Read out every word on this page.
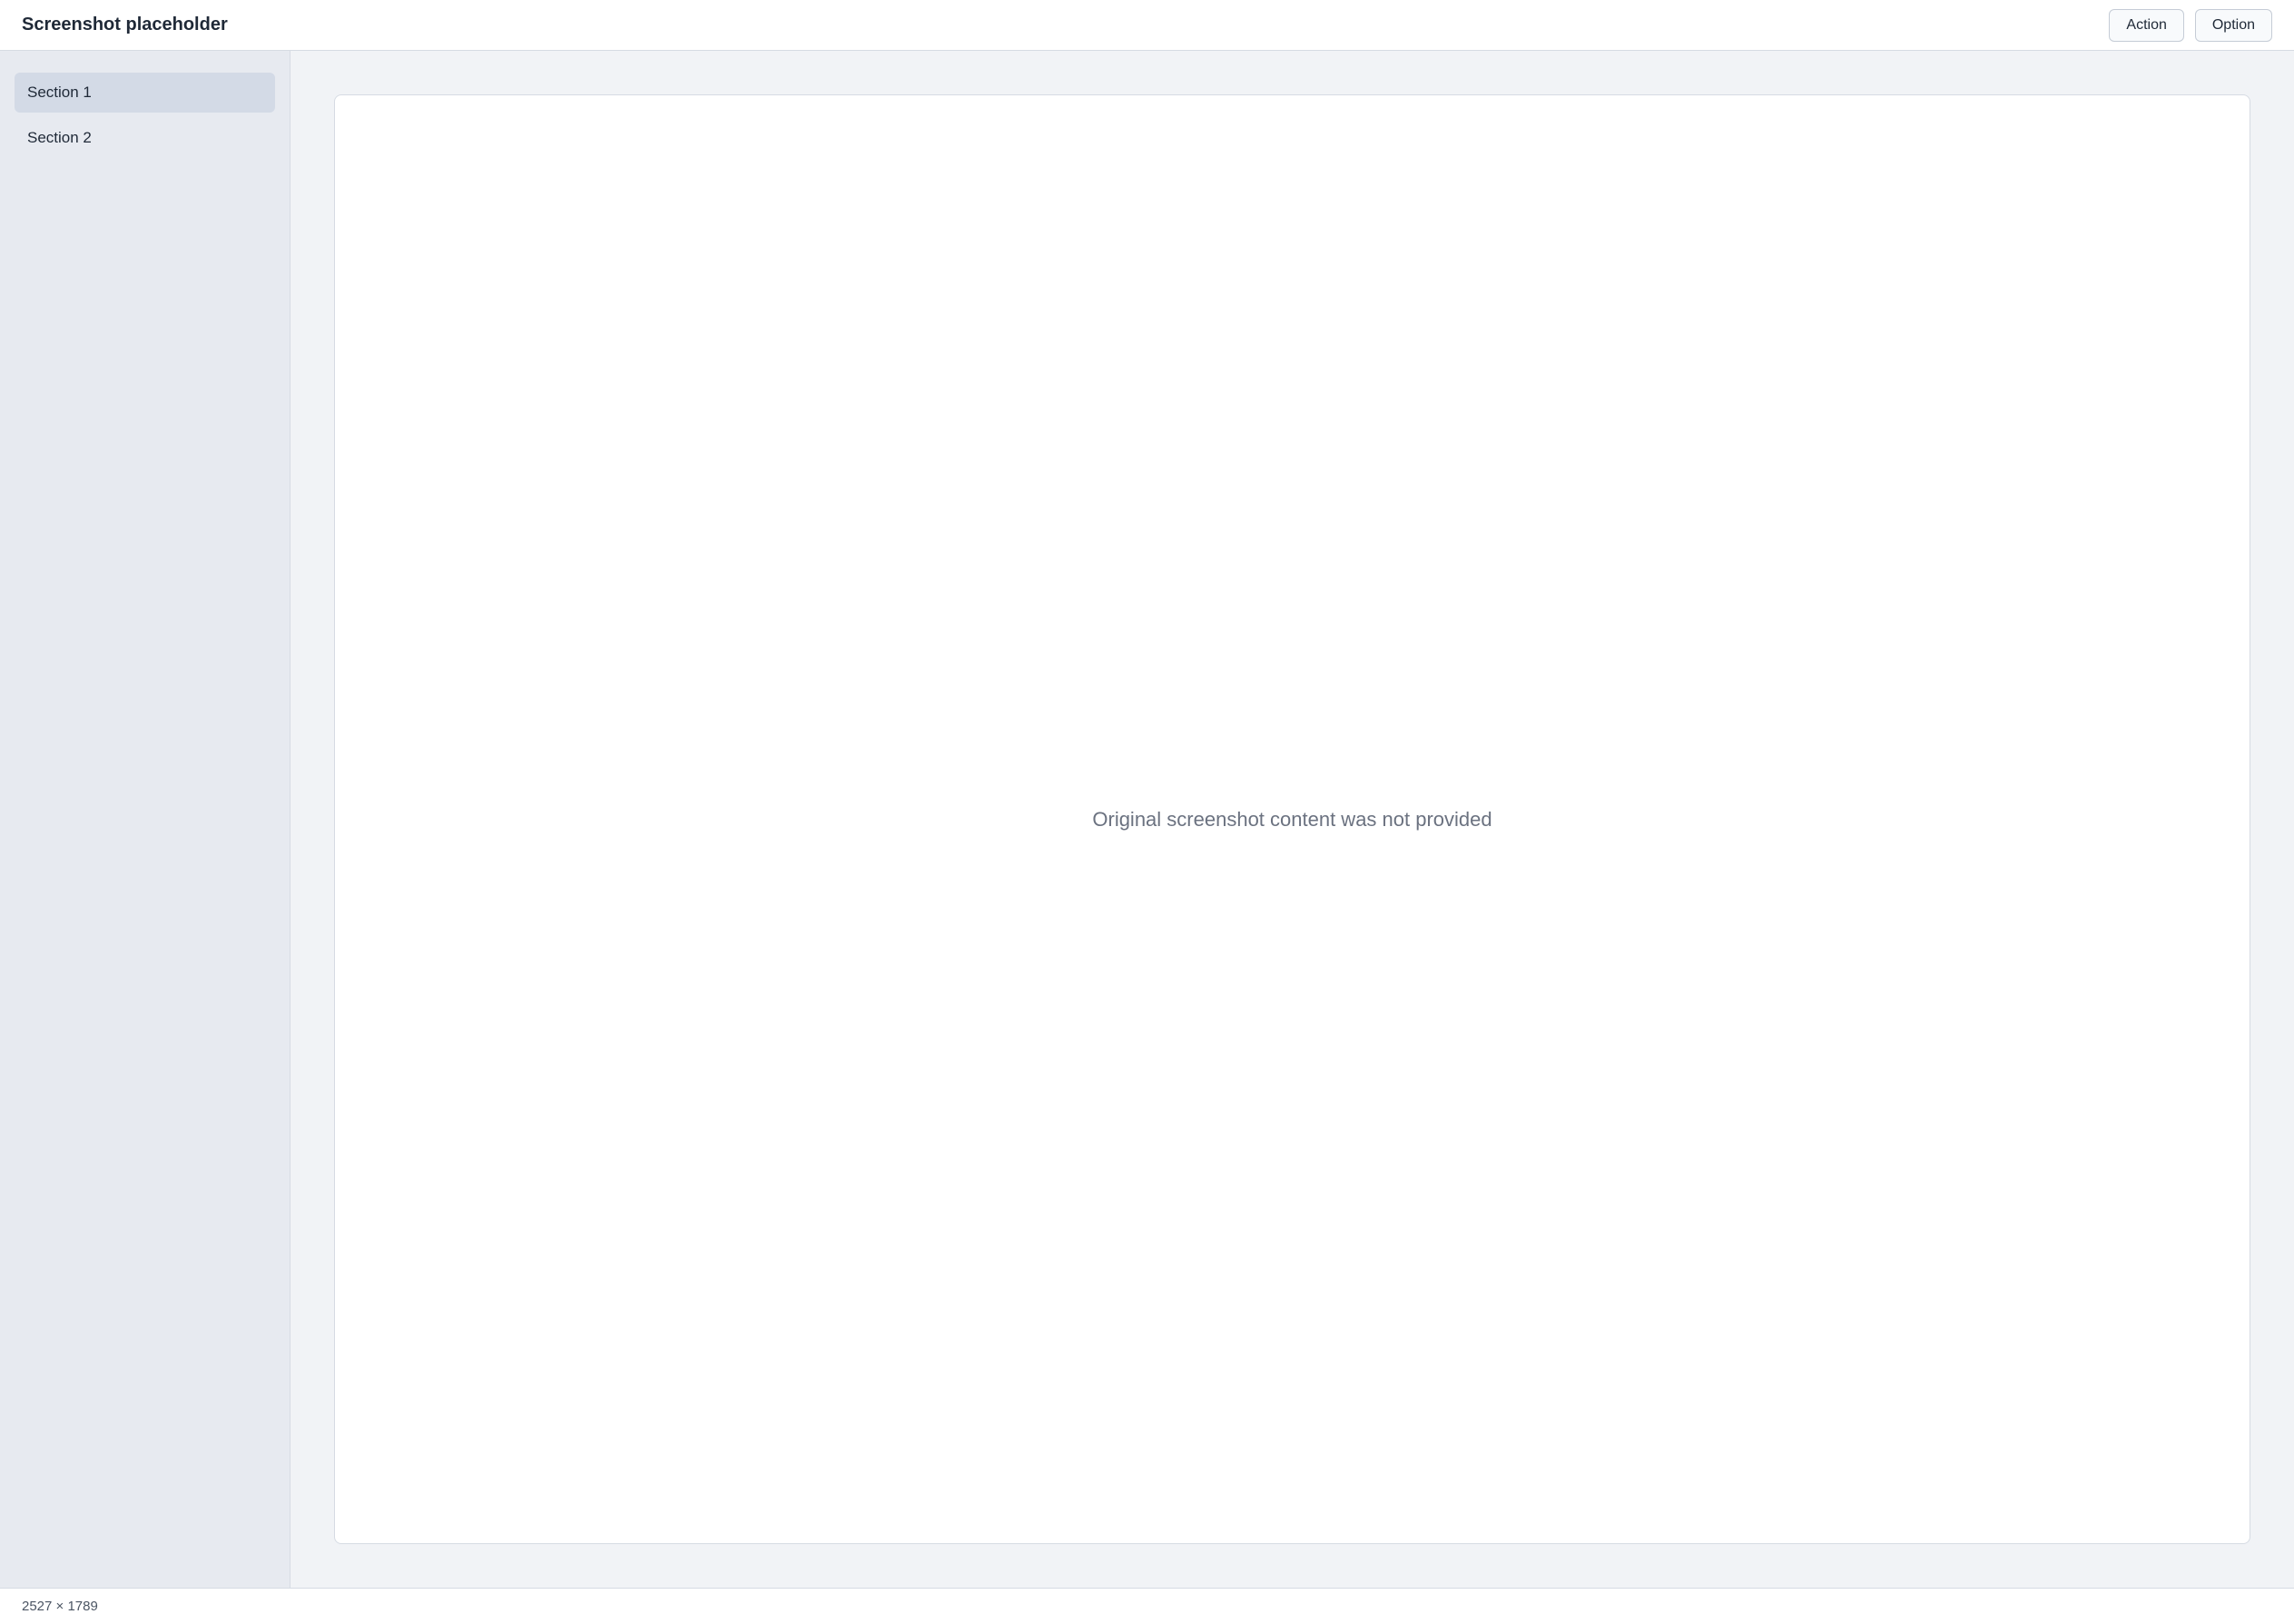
Screenshot placeholder	Action	Option
Section 1
Section 2
Original screenshot content was not provided
2527 × 1789
